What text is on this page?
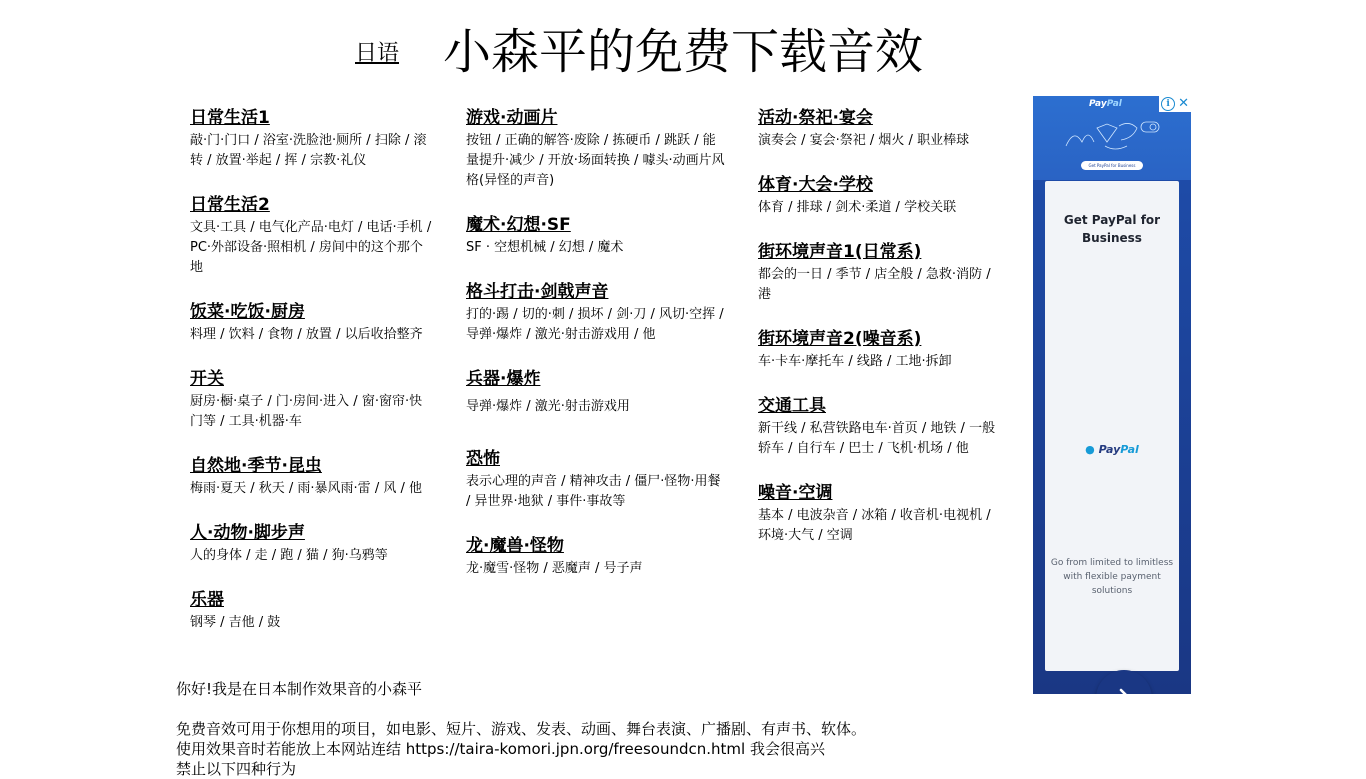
日语 小森平的免费下载音效
日常生活1
敲·门·门口 / 浴室·洗脸池·厕所 / 扫除 / 滚转 / 放置·举起 / 挥 / 宗教·礼仪
日常生活2
文具·工具 / 电气化产品·电灯 / 电话·手机 / PC·外部设备·照相机 / 房间中的这个那个地
饭菜·吃饭·厨房
料理 / 饮料 / 食物 / 放置 / 以后收拾整齐
开关
厨房·橱·桌子 / 门·房间·进入 / 窗·窗帘·快门等 / 工具·机器·车
自然地·季节·昆虫
梅雨·夏天 / 秋天 / 雨·暴风雨·雷 / 风 / 他
人·动物·脚步声
人的身体 / 走 / 跑 / 猫 / 狗·乌鸦等
乐器
钢琴 / 吉他 / 鼓
游戏·动画片
按钮 / 正确的解答·废除 / 拣硬币 / 跳跃 / 能量提升·减少 / 开放·场面转换 / 噱头·动画片风格(异怪的声音)
魔术·幻想·SF
SF · 空想机械 / 幻想 / 魔术
格斗打击·剑戟声音
打的·踢 / 切的·刺 / 损坏 / 剑·刀 / 风切·空挥 / 导弹·爆炸 / 激光·射击游戏用 / 他
兵器·爆炸
导弹·爆炸 / 激光·射击游戏用
恐怖
表示心理的声音 / 精神攻击 / 僵尸·怪物·用餐 / 异世界·地狱 / 事件·事故等
龙·魔兽·怪物
龙·魔雪·怪物 / 恶魔声 / 号子声
活动·祭祀·宴会
演奏会 / 宴会·祭祀 / 烟火 / 职业棒球
体育·大会·学校
体育 / 排球 / 剑术·柔道 / 学校关联
街环境声音1(日常系)
都会的一日 / 季节 / 店全般 / 急救·消防 / 港
街环境声音2(噪音系)
车·卡车·摩托车 / 线路 / 工地·拆卸
交通工具
新干线 / 私营铁路电车·首页 / 地铁 / 一般轿车 / 自行车 / 巴士 / 飞机·机场 / 他
噪音·空调
基本 / 电波杂音 / 冰箱 / 收音机·电视机 / 环境·大气 / 空调

你好!我是在日本制作效果音的小森平

免费音效可用于你想用的项目，如电影、短片、游戏、发表、动画、舞台表演、广播剧、有声书、软体。

使用效果音时若能放上本网站连结 https://taira-komori.jpn.org/freesoundcn.html 我会很高兴

禁止以下四种行为

PayPal
Get PayPal for Business
i ✕
Get PayPal for Business
● PayPal
Go from limited to limitless with flexible payment solutions
